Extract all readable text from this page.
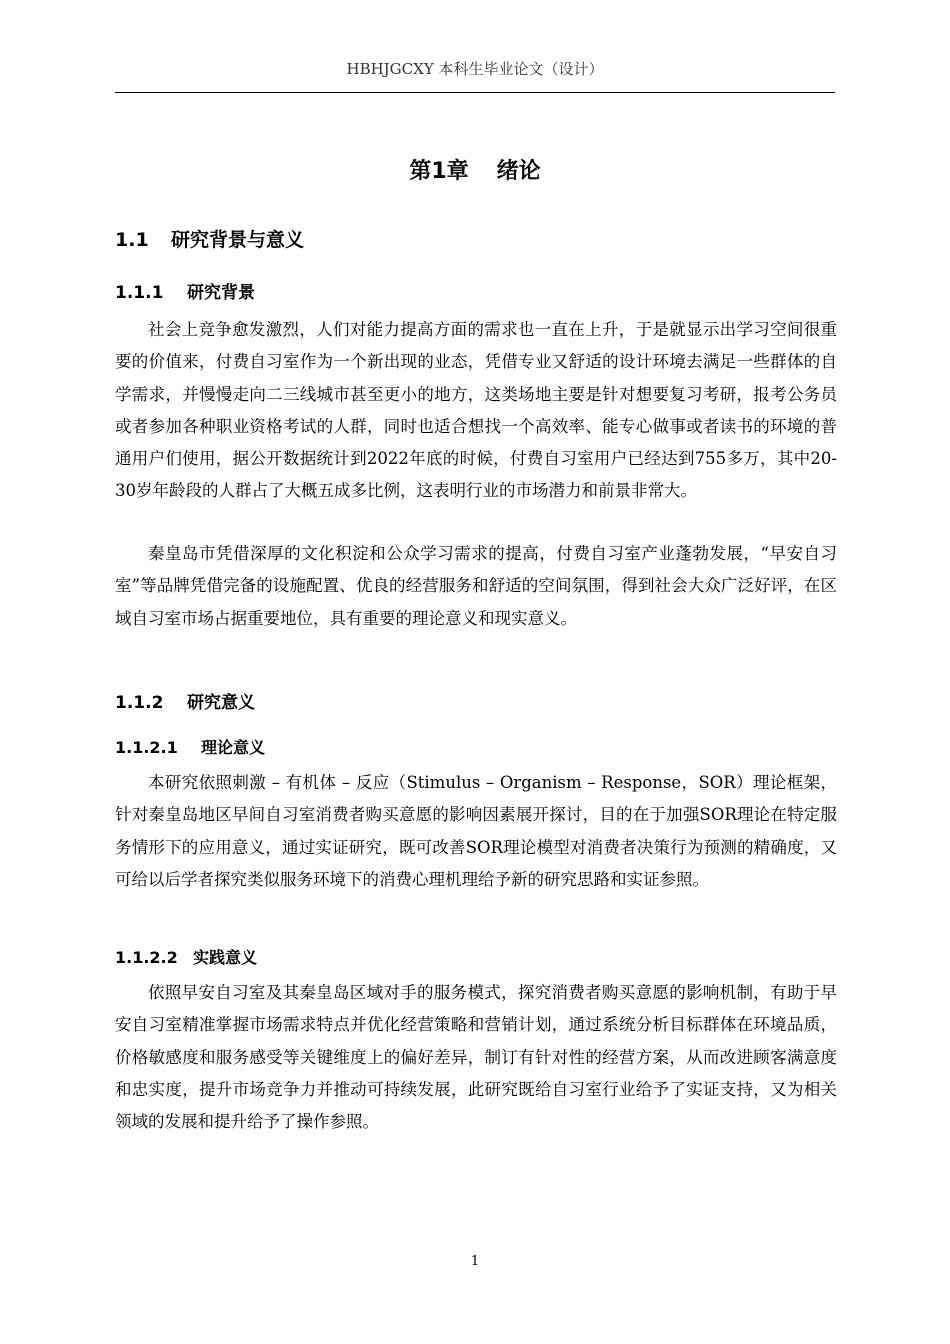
HBHJGCXY 本科生毕业论文（设计）
第1章 绪论
1.1 研究背景与意义
1.1.1 研究背景

社会上竞争愈发激烈，人们对能力提高方面的需求也一直在上升，于是就显示出学习空间很重要的价值来，付费自习室作为一个新出现的业态，凭借专业又舒适的设计环境去满足一些群体的自学需求，并慢慢走向二三线城市甚至更小的地方，这类场地主要是针对想要复习考研，报考公务员或者参加各种职业资格考试的人群，同时也适合想找一个高效率、能专心做事或者读书的环境的普通用户们使用，据公开数据统计到2022年底的时候，付费自习室用户已经达到755多万，其中20-30岁年龄段的人群占了大概五成多比例，这表明行业的市场潜力和前景非常大。

秦皇岛市凭借深厚的文化积淀和公众学习需求的提高，付费自习室产业蓬勃发展，“早安自习室”等品牌凭借完备的设施配置、优良的经营服务和舒适的空间氛围，得到社会大众广泛好评，在区域自习室市场占据重要地位，具有重要的理论意义和现实意义。

1.1.2 研究意义
1.1.2.1 理论意义

本研究依照刺激 – 有机体 – 反应（Stimulus – Organism – Response，SOR）理论框架，针对秦皇岛地区早间自习室消费者购买意愿的影响因素展开探讨，目的在于加强SOR理论在特定服务情形下的应用意义，通过实证研究，既可改善SOR理论模型对消费者决策行为预测的精确度，又可给以后学者探究类似服务环境下的消费心理机理给予新的研究思路和实证参照。

1.1.2.2 实践意义

依照早安自习室及其秦皇岛区域对手的服务模式，探究消费者购买意愿的影响机制，有助于早安自习室精准掌握市场需求特点并优化经营策略和营销计划，通过系统分析目标群体在环境品质，价格敏感度和服务感受等关键维度上的偏好差异，制订有针对性的经营方案，从而改进顾客满意度和忠实度，提升市场竞争力并推动可持续发展，此研究既给自习室行业给予了实证支持，又为相关领域的发展和提升给予了操作参照。

1
